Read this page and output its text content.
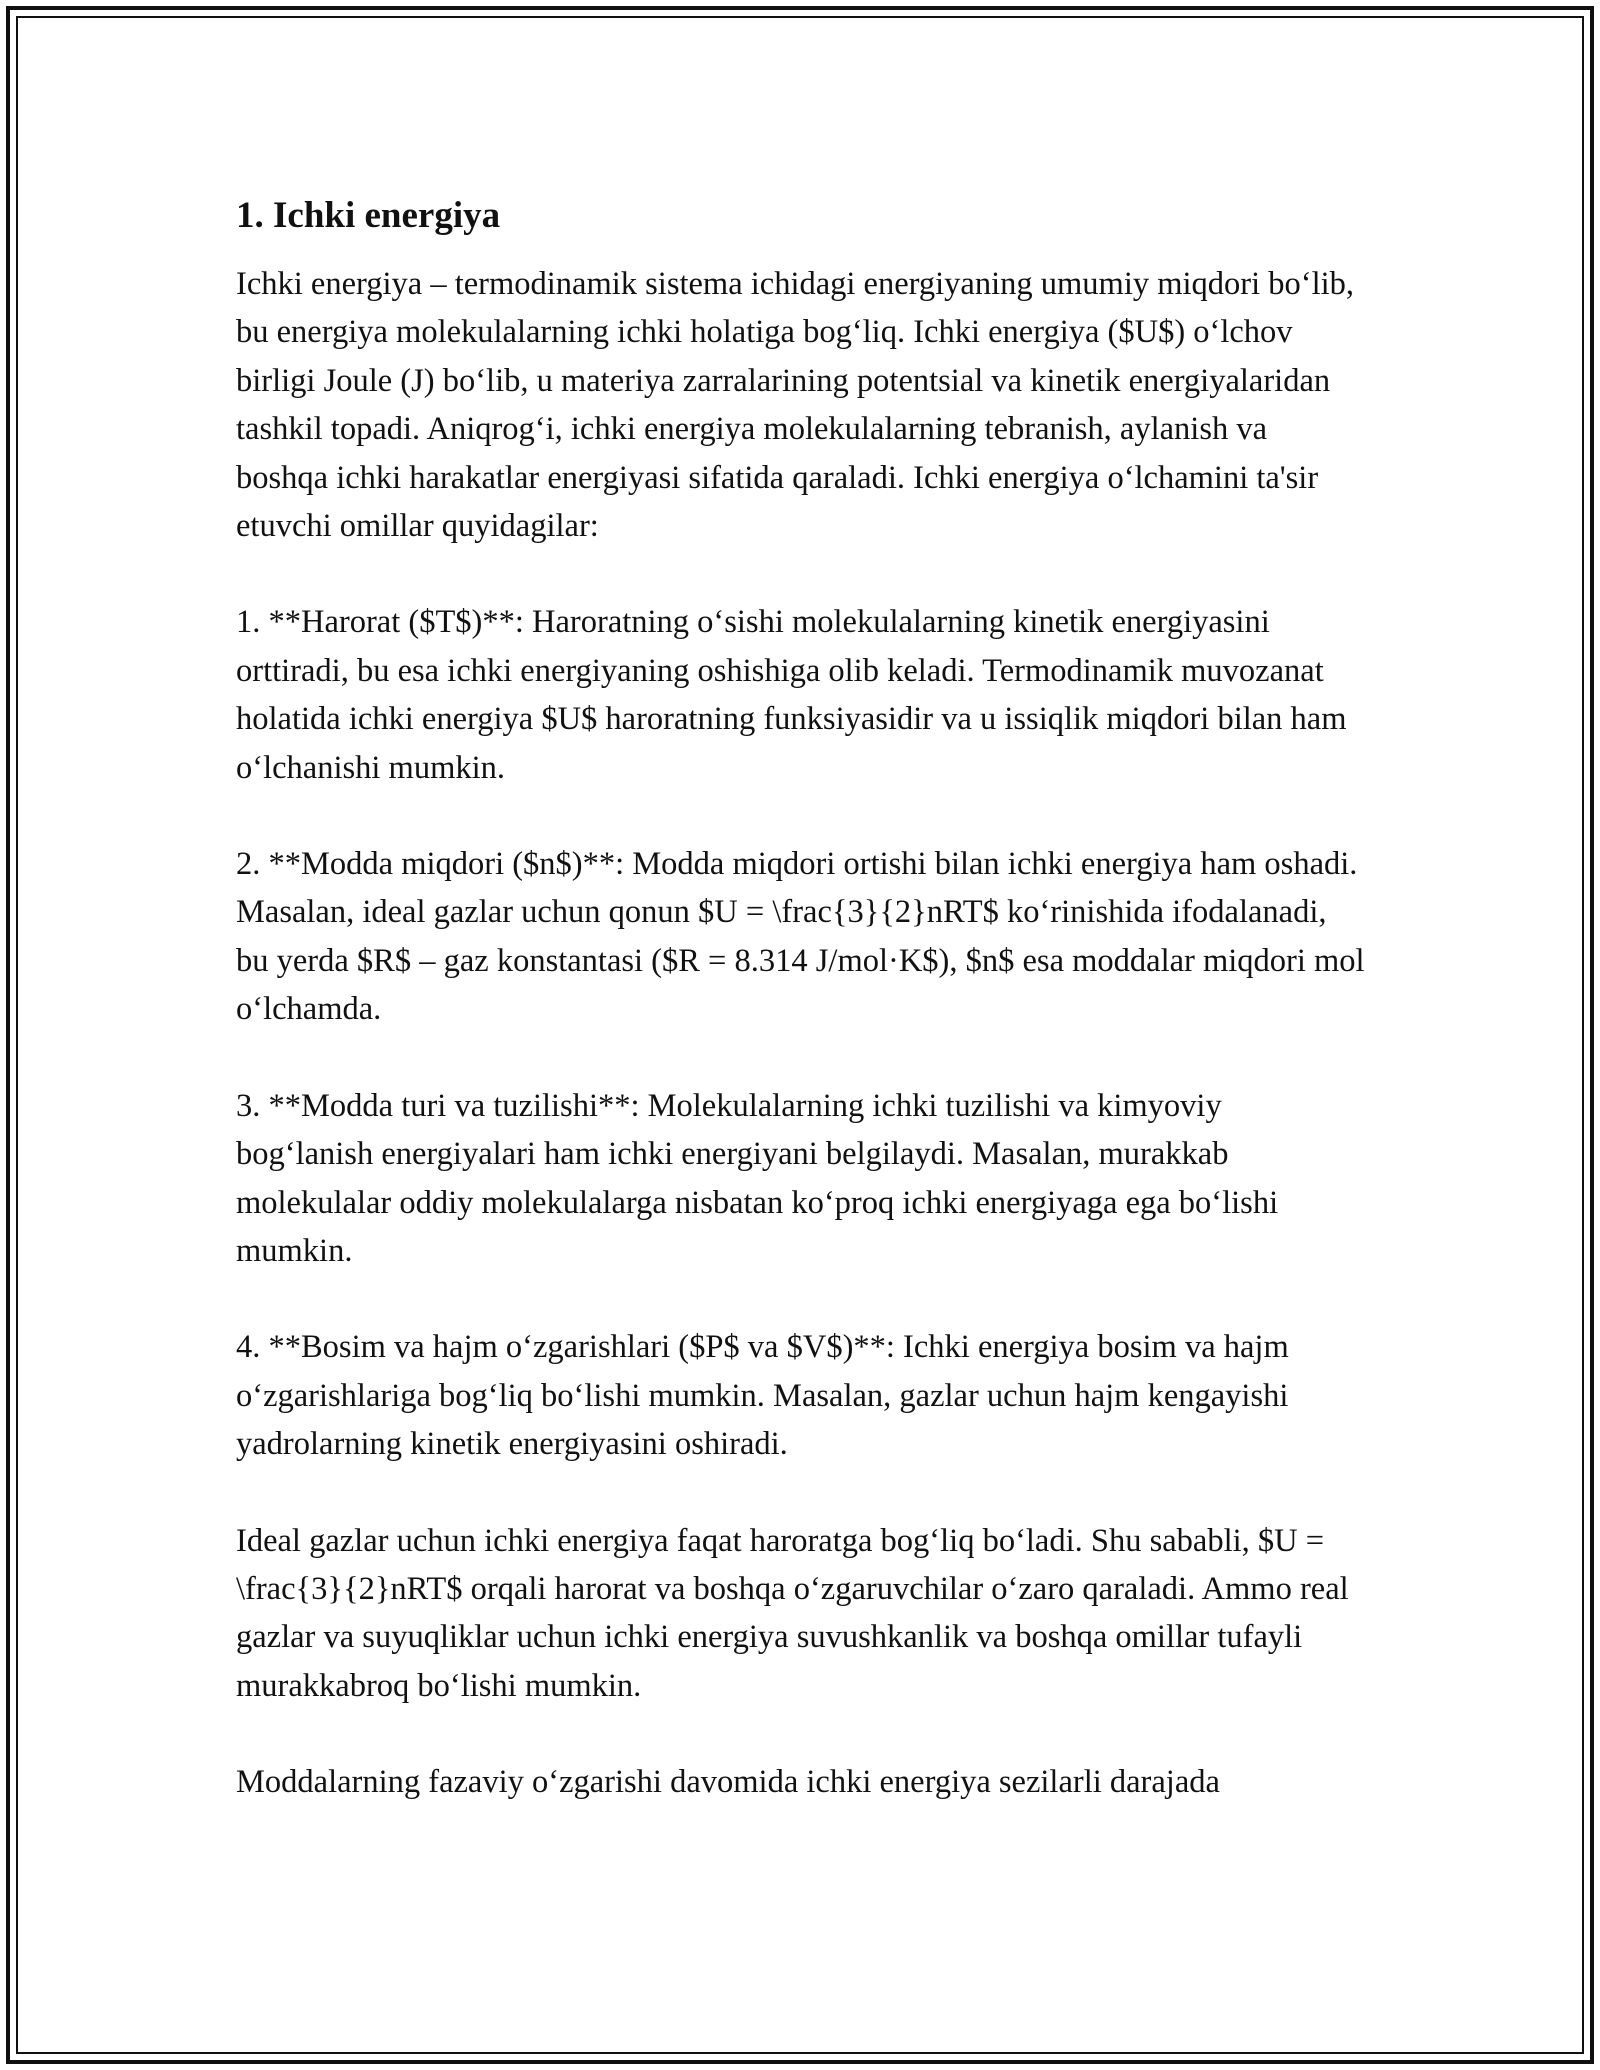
1. Ichki energiya

Ichki energiya – termodinamik sistema ichidagi energiyaning umumiy miqdori bo‘lib, bu energiya molekulalarning ichki holatiga bog‘liq. Ichki energiya ($U$) o‘lchov birligi Joule (J) bo‘lib, u materiya zarralarining potentsial va kinetik energiyalaridan tashkil topadi. Aniqrog‘i, ichki energiya molekulalarning tebranish, aylanish va boshqa ichki harakatlar energiyasi sifatida qaraladi. Ichki energiya o‘lchamini ta'sir etuvchi omillar quyidagilar:

1. **Harorat ($T$)**: Haroratning o‘sishi molekulalarning kinetik energiyasini orttiradi, bu esa ichki energiyaning oshishiga olib keladi. Termodinamik muvozanat holatida ichki energiya $U$ haroratning funksiyasidir va u issiqlik miqdori bilan ham o‘lchanishi mumkin.

2. **Modda miqdori ($n$)**: Modda miqdori ortishi bilan ichki energiya ham oshadi. Masalan, ideal gazlar uchun qonun $U = \frac{3}{2}nRT$ ko‘rinishida ifodalanadi, bu yerda $R$ – gaz konstantasi ($R = 8.314 J/mol·K$), $n$ esa moddalar miqdori mol o‘lchamda.

3. **Modda turi va tuzilishi**: Molekulalarning ichki tuzilishi va kimyoviy bog‘lanish energiyalari ham ichki energiyani belgilaydi. Masalan, murakkab molekulalar oddiy molekulalarga nisbatan ko‘proq ichki energiyaga ega bo‘lishi mumkin.

4. **Bosim va hajm o‘zgarishlari ($P$ va $V$)**: Ichki energiya bosim va hajm o‘zgarishlariga bog‘liq bo‘lishi mumkin. Masalan, gazlar uchun hajm kengayishi yadrolarning kinetik energiyasini oshiradi.

Ideal gazlar uchun ichki energiya faqat haroratga bog‘liq bo‘ladi. Shu sababli, $U = \frac{3}{2}nRT$ orqali harorat va boshqa o‘zgaruvchilar o‘zaro qaraladi. Ammo real gazlar va suyuqliklar uchun ichki energiya suvushkanlik va boshqa omillar tufayli murakkabroq bo‘lishi mumkin.

Moddalarning fazaviy o‘zgarishi davomida ichki energiya sezilarli darajada
